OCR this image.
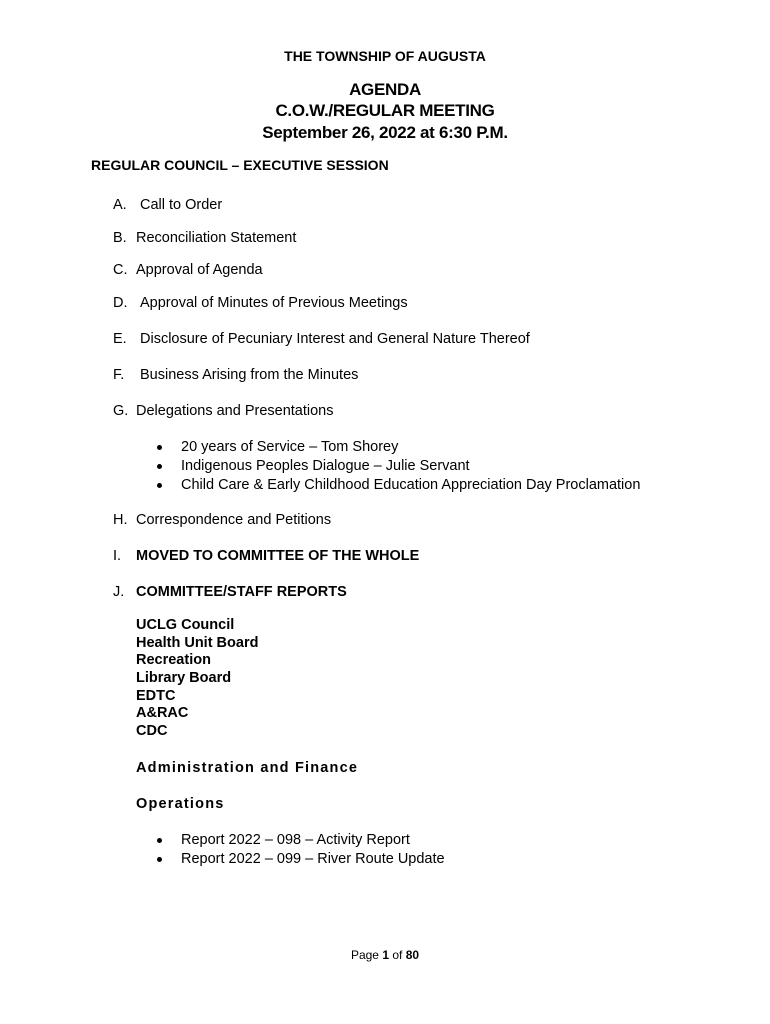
THE TOWNSHIP OF AUGUSTA
AGENDA
C.O.W./REGULAR MEETING
September 26, 2022 at 6:30 P.M.
REGULAR COUNCIL – EXECUTIVE SESSION
A. Call to Order
B. Reconciliation Statement
C. Approval of Agenda
D. Approval of Minutes of Previous Meetings
E. Disclosure of Pecuniary Interest and General Nature Thereof
F. Business Arising from the Minutes
G. Delegations and Presentations
20 years of Service – Tom Shorey
Indigenous Peoples Dialogue – Julie Servant
Child Care & Early Childhood Education Appreciation Day Proclamation
H. Correspondence and Petitions
I. MOVED TO COMMITTEE OF THE WHOLE
J. COMMITTEE/STAFF REPORTS
UCLG Council
Health Unit Board
Recreation
Library Board
EDTC
A&RAC
CDC
Administration and Finance
Operations
Report 2022 – 098 – Activity Report
Report 2022 – 099 – River Route Update
Page 1 of 80
